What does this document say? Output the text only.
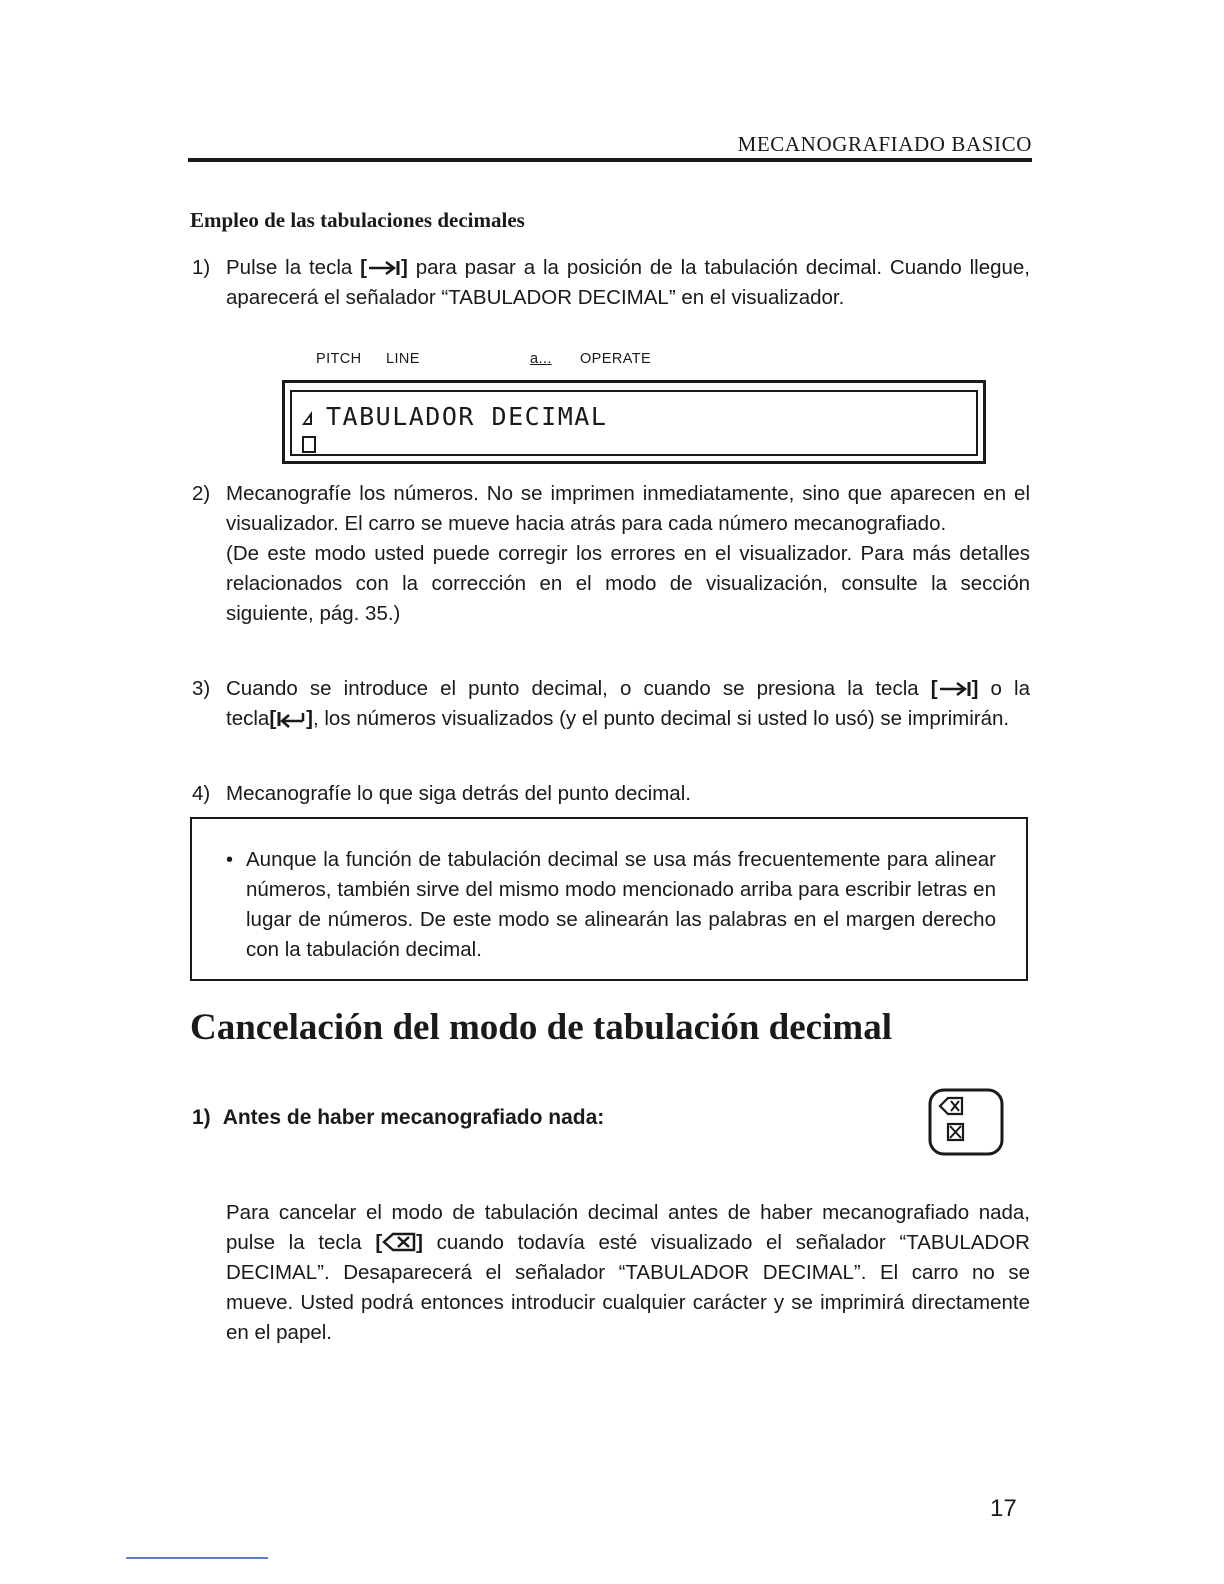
MECANOGRAFIADO BASICO
Empleo de las tabulaciones decimales
1) Pulse la tecla [ ] para pasar a la posición de la tabulación decimal. Cuando llegue, aparecerá el señalador “TABULADOR DECIMAL” en el visualizador.
PITCH LINE	a... OPERATE
TABULADOR DECIMAL
2) Mecanografíe los números. No se imprimen inmediatamente, sino que aparecen en el visualizador. El carro se mueve hacia atrás para cada número mecanografiado.
(De este modo usted puede corregir los errores en el visualizador. Para más detalles relacionados con la corrección en el modo de visualización, consulte la sección siguiente, pág. 35.)
3) Cuando se introduce el punto decimal, o cuando se presiona la tecla [ ] o la tecla[ ], los números visualizados (y el punto decimal si usted lo usó) se imprimirán.
4) Mecanografíe lo que siga detrás del punto decimal.
• Aunque la función de tabulación decimal se usa más frecuentemente para alinear números, también sirve del mismo modo mencionado arriba para escribir letras en lugar de números. De este modo se alinearán las palabras en el margen derecho con la tabulación decimal.
Cancelación del modo de tabulación decimal
1) Antes de haber mecanografiado nada:
Para cancelar el modo de tabulación decimal antes de haber mecanografiado nada, pulse la tecla [ ] cuando todavía esté visualizado el señalador “TABULADOR DECIMAL”. Desaparecerá el señalador “TABULADOR DECIMAL”. El carro no se mueve. Usted podrá entonces introducir cualquier carácter y se imprimirá directamente en el papel.
17
